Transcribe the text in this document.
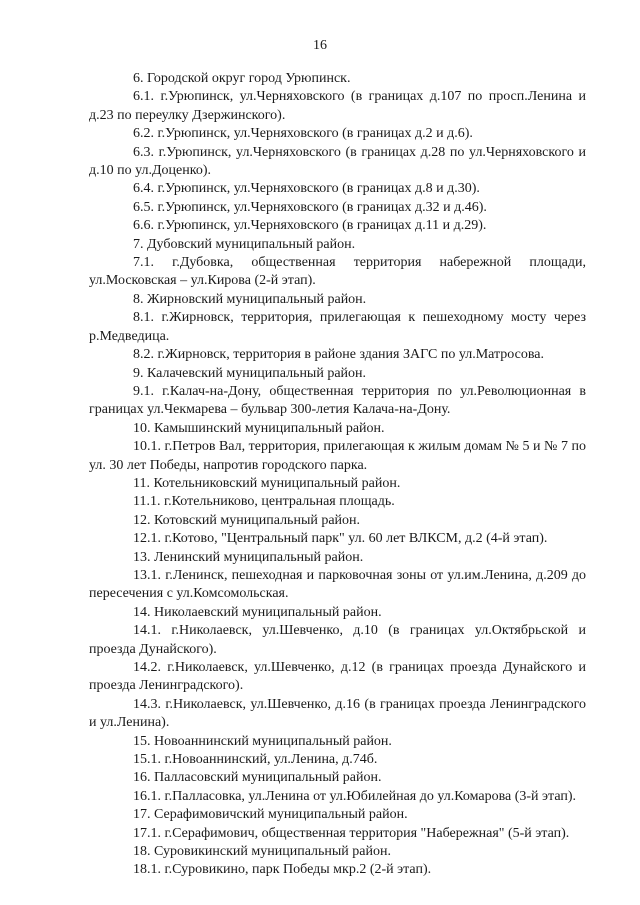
16

6. Городской округ город Урюпинск.

6.1. г.Урюпинск, ул.Черняховского (в границах д.107 по просп.Ленина и д.23 по переулку Дзержинского).

6.2. г.Урюпинск, ул.Черняховского (в границах д.2 и д.6).

6.3. г.Урюпинск, ул.Черняховского (в границах д.28 по ул.Черняховского и д.10 по ул.Доценко).

6.4. г.Урюпинск, ул.Черняховского (в границах д.8 и д.30).

6.5. г.Урюпинск, ул.Черняховского (в границах д.32 и д.46).

6.6. г.Урюпинск, ул.Черняховского (в границах д.11 и д.29).

7. Дубовский муниципальный район.

7.1. г.Дубовка, общественная территория набережной площади, ул.Московская – ул.Кирова (2-й этап).

8. Жирновский муниципальный район.

8.1. г.Жирновск, территория, прилегающая к пешеходному мосту через р.Медведица.

8.2. г.Жирновск, территория в районе здания ЗАГС по ул.Матросова.

9. Калачевский муниципальный район.

9.1. г.Калач-на-Дону, общественная территория по ул.Революционная в границах ул.Чекмарева – бульвар 300-летия Калача-на-Дону.

10. Камышинский муниципальный район.

10.1. г.Петров Вал, территория, прилегающая к жилым домам № 5 и № 7 по ул. 30 лет Победы, напротив городского парка.

11. Котельниковский муниципальный район.

11.1. г.Котельниково, центральная площадь.

12. Котовский муниципальный район.

12.1. г.Котово, "Центральный парк" ул. 60 лет ВЛКСМ, д.2 (4-й этап).

13. Ленинский муниципальный район.

13.1. г.Ленинск, пешеходная и парковочная зоны от ул.им.Ленина, д.209 до пересечения с ул.Комсомольская.

14. Николаевский муниципальный район.

14.1. г.Николаевск, ул.Шевченко, д.10 (в границах ул.Октябрьской и проезда Дунайского).

14.2. г.Николаевск, ул.Шевченко, д.12 (в границах проезда Дунайского и проезда Ленинградского).

14.3. г.Николаевск, ул.Шевченко, д.16 (в границах проезда Ленинградского и ул.Ленина).

15. Новоаннинский муниципальный район.

15.1. г.Новоаннинский, ул.Ленина, д.74б.

16. Палласовский муниципальный район.

16.1. г.Палласовка, ул.Ленина от ул.Юбилейная до ул.Комарова (3-й этап).

17. Серафимовичский муниципальный район.

17.1. г.Серафимович, общественная территория "Набережная" (5-й этап).

18. Суровикинский муниципальный район.

18.1. г.Суровикино, парк Победы мкр.2 (2-й этап).
